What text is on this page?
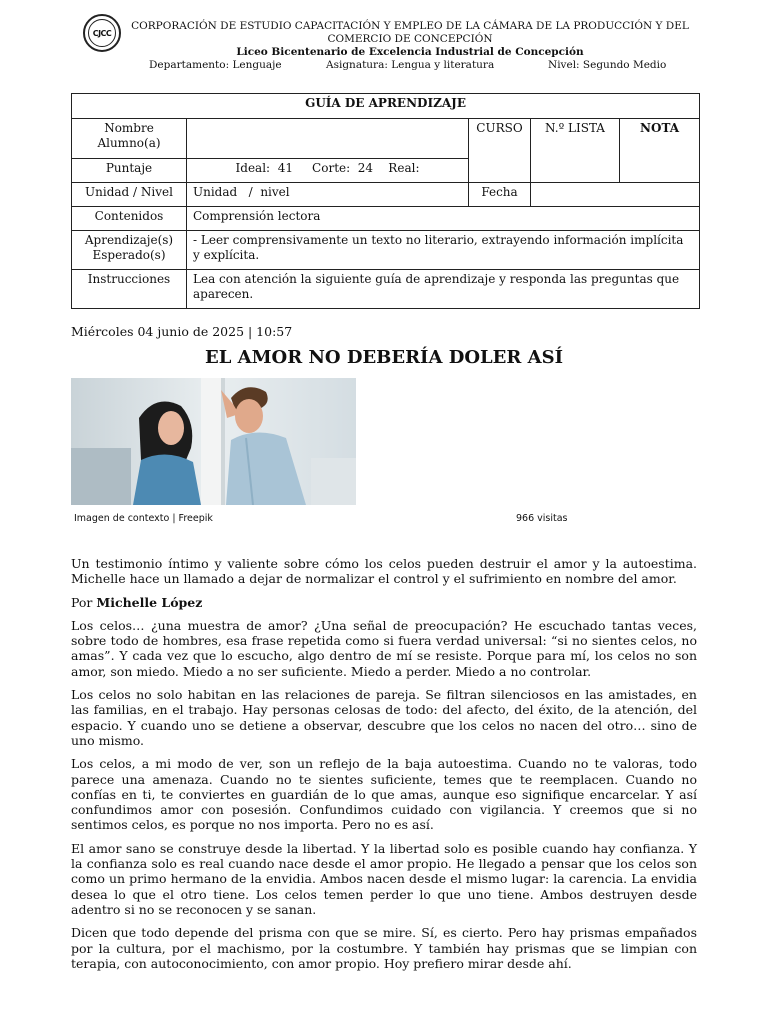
CJCC
CORPORACIÓN DE ESTUDIO CAPACITACIÓN Y EMPLEO DE LA CÁMARA DE LA PRODUCCIÓN Y DEL COMERCIO DE CONCEPCIÓN
Liceo Bicentenario de Excelencia Industrial de Concepción
Departamento: Lenguaje	Asignatura: Lengua y literatura	Nivel: Segundo Medio
GUÍA DE APRENDIZAJE				
Nombre Alumno(a)		CURSO	N.º LISTA	NOTA
Puntaje	Ideal:  41     Corte:  24    Real:			
Unidad / Nivel	Unidad   /  nivel	Fecha		
Contenidos	Comprensión lectora			
Aprendizaje(s) Esperado(s)	- Leer comprensivamente un texto no literario, extrayendo información implícita y explícita.			
Instrucciones	Lea con atención la siguiente guía de aprendizaje y responda las preguntas que aparecen.			
Miércoles 04 junio de 2025 | 10:57
EL AMOR NO DEBERÍA DOLER ASÍ
Imagen de contexto | Freepik	966 visitas

Un testimonio íntimo y valiente sobre cómo los celos pueden destruir el amor y la autoestima. Michelle hace un llamado a dejar de normalizar el control y el sufrimiento en nombre del amor.

Por Michelle López

Los celos… ¿una muestra de amor? ¿Una señal de preocupación? He escuchado tantas veces, sobre todo de hombres, esa frase repetida como si fuera verdad universal: “si no sientes celos, no amas”. Y cada vez que lo escucho, algo dentro de mí se resiste. Porque para mí, los celos no son amor, son miedo. Miedo a no ser suficiente. Miedo a perder. Miedo a no controlar.

Los celos no solo habitan en las relaciones de pareja. Se filtran silenciosos en las amistades, en las familias, en el trabajo. Hay personas celosas de todo: del afecto, del éxito, de la atención, del espacio. Y cuando uno se detiene a observar, descubre que los celos no nacen del otro… sino de uno mismo.

Los celos, a mi modo de ver, son un reflejo de la baja autoestima. Cuando no te valoras, todo parece una amenaza. Cuando no te sientes suficiente, temes que te reemplacen. Cuando no confías en ti, te conviertes en guardián de lo que amas, aunque eso signifique encarcelar. Y así confundimos amor con posesión. Confundimos cuidado con vigilancia. Y creemos que si no sentimos celos, es porque no nos importa. Pero no es así.

El amor sano se construye desde la libertad. Y la libertad solo es posible cuando hay confianza. Y la confianza solo es real cuando nace desde el amor propio. He llegado a pensar que los celos son como un primo hermano de la envidia. Ambos nacen desde el mismo lugar: la carencia. La envidia desea lo que el otro tiene. Los celos temen perder lo que uno tiene. Ambos destruyen desde adentro si no se reconocen y se sanan.

Dicen que todo depende del prisma con que se mire. Sí, es cierto. Pero hay prismas empañados por la cultura, por el machismo, por la costumbre. Y también hay prismas que se limpian con terapia, con autoconocimiento, con amor propio. Hoy prefiero mirar desde ahí.
